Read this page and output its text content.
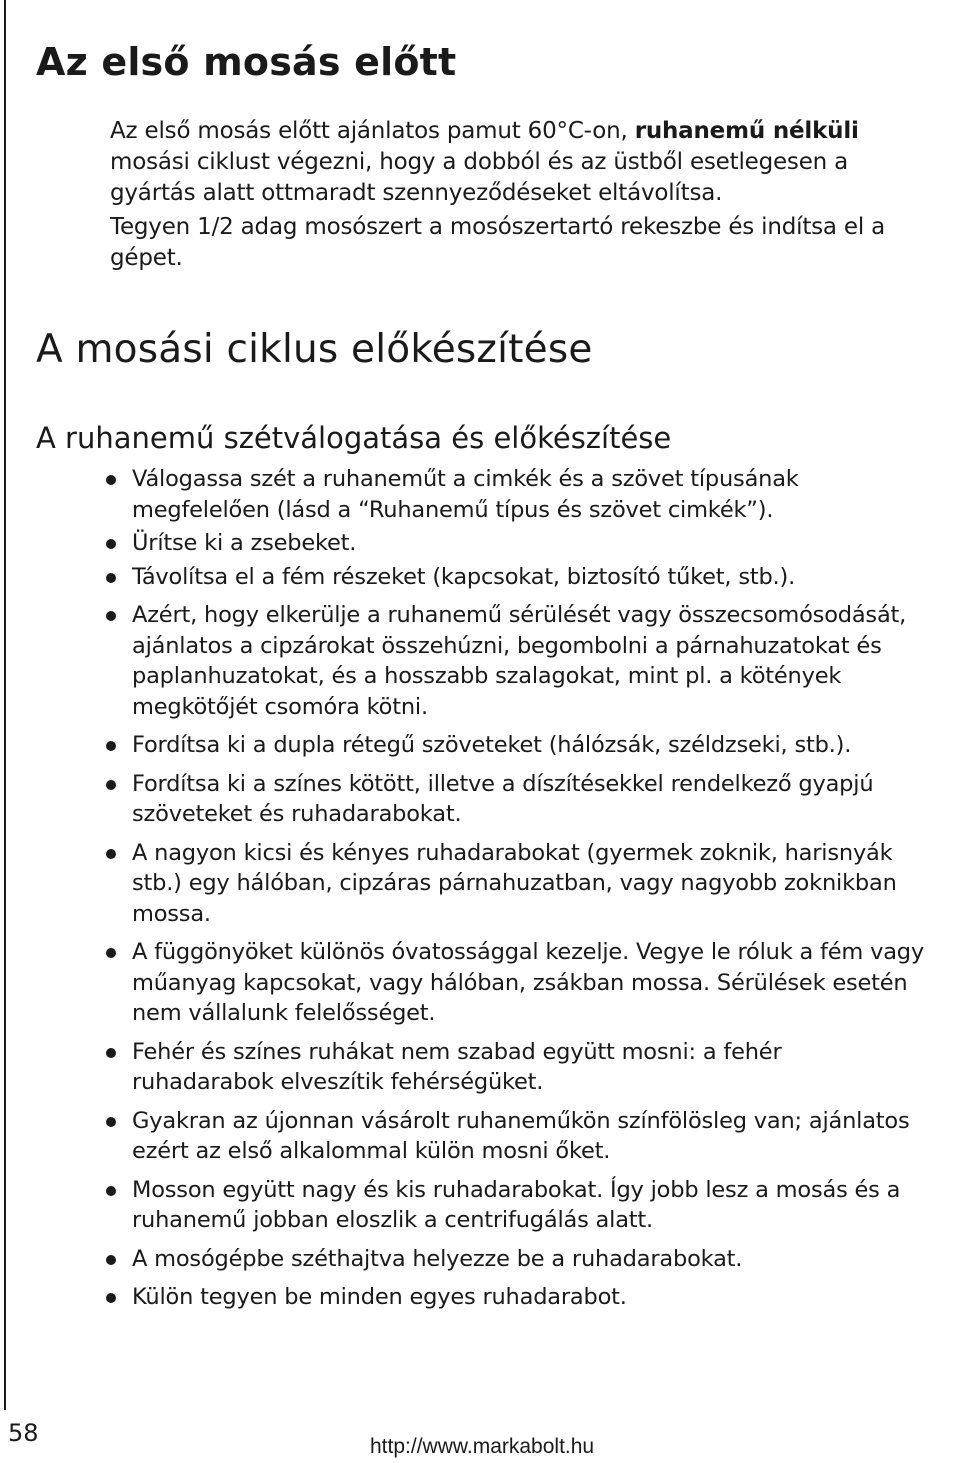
Az első mosás előtt

Az első mosás előtt ajánlatos pamut 60°C-on, ruhanemű nélküli mosási ciklust végezni, hogy a dobból és az üstből esetlegesen a gyártás alatt ottmaradt szennyeződéseket eltávolítsa.

Tegyen 1/2 adag mosószert a mosószertartó rekeszbe és indítsa el a gépet.

A mosási ciklus előkészítése
A ruhanemű szétválogatása és előkészítése
Válogassa szét a ruhaneműt a cimkék és a szövet típusának megfelelően (lásd a “Ruhanemű típus és szövet cimkék”).
Ürítse ki a zsebeket.
Távolítsa el a fém részeket (kapcsokat, biztosító tűket, stb.).
Azért, hogy elkerülje a ruhanemű sérülését vagy összecsomósodását, ajánlatos a cipzárokat összehúzni, begombolni a párnahuzatokat és paplanhuzatokat, és a hosszabb szalagokat, mint pl. a kötények megkötőjét csomóra kötni.
Fordítsa ki a dupla rétegű szöveteket (hálózsák, széldzseki, stb.).
Fordítsa ki a színes kötött, illetve a díszítésekkel rendelkező gyapjú szöveteket és ruhadarabokat.
A nagyon kicsi és kényes ruhadarabokat (gyermek zoknik, harisnyák stb.) egy hálóban, cipzáras párnahuzatban, vagy nagyobb zoknikban mossa.
A függönyöket különös óvatossággal kezelje. Vegye le róluk a fém vagy műanyag kapcsokat, vagy hálóban, zsákban mossa. Sérülések esetén nem vállalunk felelősséget.
Fehér és színes ruhákat nem szabad együtt mosni: a fehér ruhadarabok elveszítik fehérségüket.
Gyakran az újonnan vásárolt ruhaneműkön színfölösleg van; ajánlatos ezért az első alkalommal külön mosni őket.
Mosson együtt nagy és kis ruhadarabokat. Így jobb lesz a mosás és a ruhanemű jobban eloszlik a centrifugálás alatt.
A mosógépbe széthajtva helyezze be a ruhadarabokat.
Külön tegyen be minden egyes ruhadarabot.
58	http://www.markabolt.hu
